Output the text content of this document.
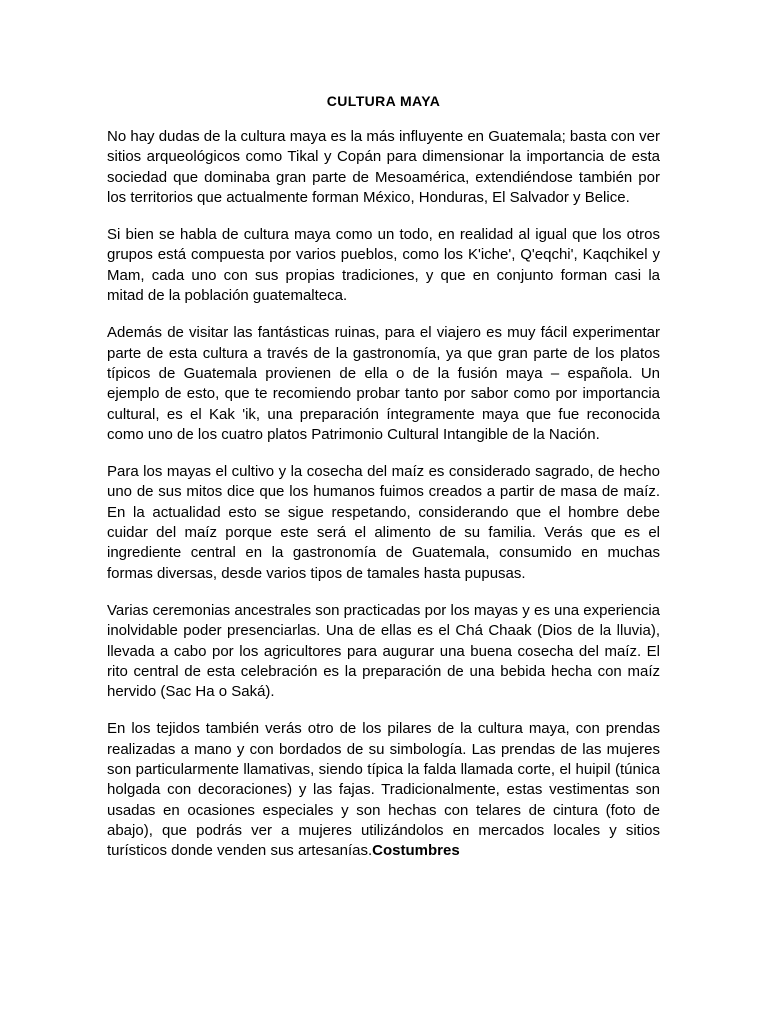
CULTURA MAYA

No hay dudas de la cultura maya es la más influyente en Guatemala; basta con ver sitios arqueológicos como Tikal y Copán para dimensionar la importancia de esta sociedad que dominaba gran parte de Mesoamérica, extendiéndose también por los territorios que actualmente forman México, Honduras, El Salvador y Belice.

Si bien se habla de cultura maya como un todo, en realidad al igual que los otros grupos está compuesta por varios pueblos, como los K'iche', Q'eqchi', Kaqchikel y Mam, cada uno con sus propias tradiciones, y que en conjunto forman casi la mitad de la población guatemalteca.

Además de visitar las fantásticas ruinas, para el viajero es muy fácil experimentar parte de esta cultura a través de la gastronomía, ya que gran parte de los platos típicos de Guatemala provienen de ella o de la fusión maya – española. Un ejemplo de esto, que te recomiendo probar tanto por sabor como por importancia cultural, es el Kak 'ik, una preparación íntegramente maya que fue reconocida como uno de los cuatro platos Patrimonio Cultural Intangible de la Nación.

Para los mayas el cultivo y la cosecha del maíz es considerado sagrado, de hecho uno de sus mitos dice que los humanos fuimos creados a partir de masa de maíz. En la actualidad esto se sigue respetando, considerando que el hombre debe cuidar del maíz porque este será el alimento de su familia. Verás que es el ingrediente central en la gastronomía de Guatemala, consumido en muchas formas diversas, desde varios tipos de tamales hasta pupusas.

Varias ceremonias ancestrales son practicadas por los mayas y es una experiencia inolvidable poder presenciarlas. Una de ellas es el Chá Chaak (Dios de la lluvia), llevada a cabo por los agricultores para augurar una buena cosecha del maíz. El rito central de esta celebración es la preparación de una bebida hecha con maíz hervido (Sac Ha o Saká).

En los tejidos también verás otro de los pilares de la cultura maya, con prendas realizadas a mano y con bordados de su simbología. Las prendas de las mujeres son particularmente llamativas, siendo típica la falda llamada corte, el huipil (túnica holgada con decoraciones) y las fajas. Tradicionalmente, estas vestimentas son usadas en ocasiones especiales y son hechas con telares de cintura (foto de abajo), que podrás ver a mujeres utilizándolos en mercados locales y sitios turísticos donde venden sus artesanías.Costumbres
